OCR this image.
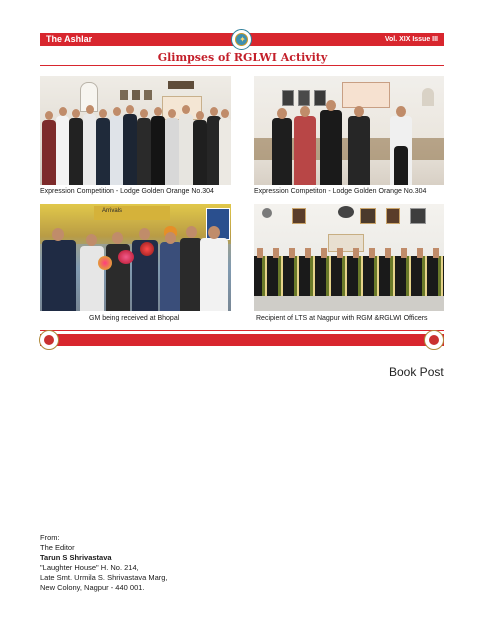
The Ashlar	Vol. XIX Issue III
✦
Glimpses of RGLWI Activity
Expression Competition - Lodge Golden Orange No.304	Expression Competiton - Lodge Golden Orange No.304
Arrivals
GM being received at Bhopal	Recipient of LTS at Nagpur with RGM &RGLWI Officers
Book Post
From:
The Editor
Tarun S Shrivastava
"Laughter House" H. No. 214,
Late Smt. Urmila S. Shrivastava Marg,
New Colony, Nagpur - 440 001.
